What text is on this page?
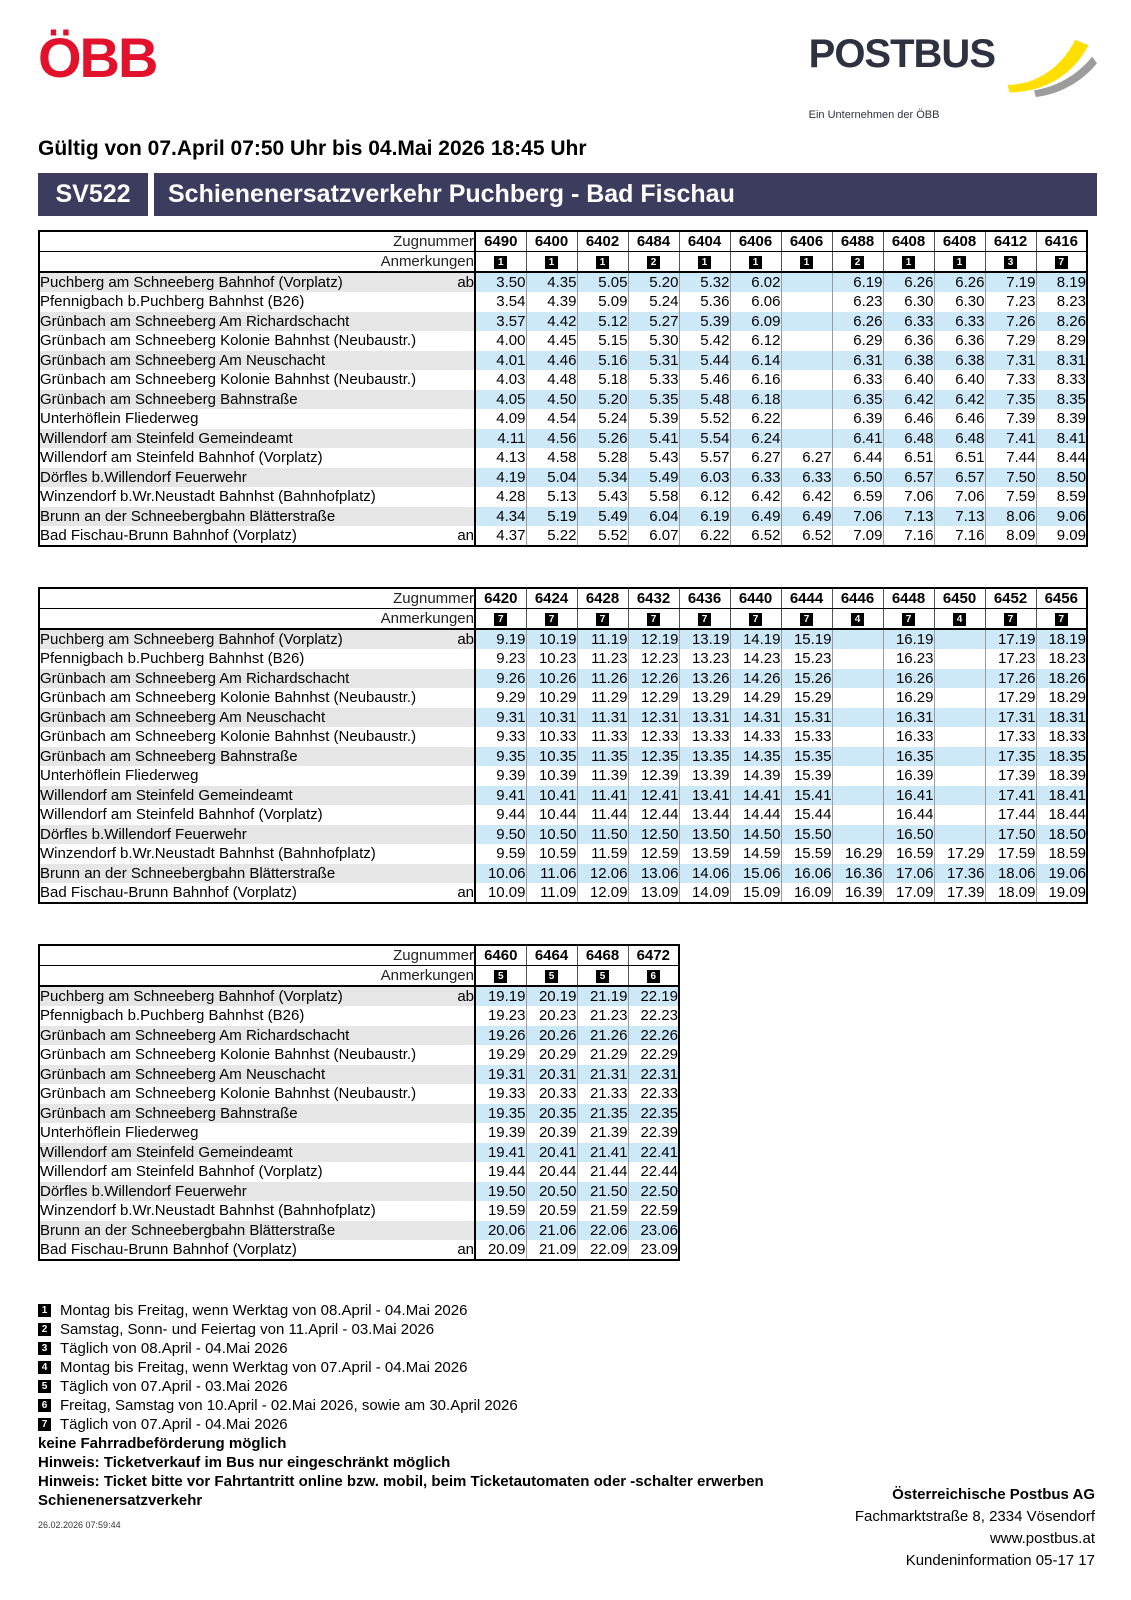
ÖBB	POSTBUS
Ein Unternehmen der ÖBB
Gültig von 07.April 07:50 Uhr bis 04.Mai 2026 18:45 Uhr
SV522	Schienenersatzverkehr Puchberg - Bad Fischau
Zugnummer		6490	6400	6402	6484	6404	6406	6406	6488	6408	6408	6412	6416
Anmerkungen		1	1	1	2	1	1	1	2	1	1	3	7
Puchberg am Schneeberg Bahnhof (Vorplatz)	ab	3.50	4.35	5.05	5.20	5.32	6.02		6.19	6.26	6.26	7.19	8.19
Pfennigbach b.Puchberg Bahnhst (B26)		3.54	4.39	5.09	5.24	5.36	6.06		6.23	6.30	6.30	7.23	8.23
Grünbach am Schneeberg Am Richardschacht		3.57	4.42	5.12	5.27	5.39	6.09		6.26	6.33	6.33	7.26	8.26
Grünbach am Schneeberg Kolonie Bahnhst (Neubaustr.)		4.00	4.45	5.15	5.30	5.42	6.12		6.29	6.36	6.36	7.29	8.29
Grünbach am Schneeberg Am Neuschacht		4.01	4.46	5.16	5.31	5.44	6.14		6.31	6.38	6.38	7.31	8.31
Grünbach am Schneeberg Kolonie Bahnhst (Neubaustr.)		4.03	4.48	5.18	5.33	5.46	6.16		6.33	6.40	6.40	7.33	8.33
Grünbach am Schneeberg Bahnstraße		4.05	4.50	5.20	5.35	5.48	6.18		6.35	6.42	6.42	7.35	8.35
Unterhöflein Fliederweg		4.09	4.54	5.24	5.39	5.52	6.22		6.39	6.46	6.46	7.39	8.39
Willendorf am Steinfeld Gemeindeamt		4.11	4.56	5.26	5.41	5.54	6.24		6.41	6.48	6.48	7.41	8.41
Willendorf am Steinfeld Bahnhof (Vorplatz)		4.13	4.58	5.28	5.43	5.57	6.27	6.27	6.44	6.51	6.51	7.44	8.44
Dörfles b.Willendorf Feuerwehr		4.19	5.04	5.34	5.49	6.03	6.33	6.33	6.50	6.57	6.57	7.50	8.50
Winzendorf b.Wr.Neustadt Bahnhst (Bahnhofplatz)		4.28	5.13	5.43	5.58	6.12	6.42	6.42	6.59	7.06	7.06	7.59	8.59
Brunn an der Schneebergbahn Blätterstraße		4.34	5.19	5.49	6.04	6.19	6.49	6.49	7.06	7.13	7.13	8.06	9.06
Bad Fischau-Brunn Bahnhof (Vorplatz)	an	4.37	5.22	5.52	6.07	6.22	6.52	6.52	7.09	7.16	7.16	8.09	9.09
Zugnummer		6420	6424	6428	6432	6436	6440	6444	6446	6448	6450	6452	6456
Anmerkungen		7	7	7	7	7	7	7	4	7	4	7	7
Puchberg am Schneeberg Bahnhof (Vorplatz)	ab	9.19	10.19	11.19	12.19	13.19	14.19	15.19		16.19		17.19	18.19
Pfennigbach b.Puchberg Bahnhst (B26)		9.23	10.23	11.23	12.23	13.23	14.23	15.23		16.23		17.23	18.23
Grünbach am Schneeberg Am Richardschacht		9.26	10.26	11.26	12.26	13.26	14.26	15.26		16.26		17.26	18.26
Grünbach am Schneeberg Kolonie Bahnhst (Neubaustr.)		9.29	10.29	11.29	12.29	13.29	14.29	15.29		16.29		17.29	18.29
Grünbach am Schneeberg Am Neuschacht		9.31	10.31	11.31	12.31	13.31	14.31	15.31		16.31		17.31	18.31
Grünbach am Schneeberg Kolonie Bahnhst (Neubaustr.)		9.33	10.33	11.33	12.33	13.33	14.33	15.33		16.33		17.33	18.33
Grünbach am Schneeberg Bahnstraße		9.35	10.35	11.35	12.35	13.35	14.35	15.35		16.35		17.35	18.35
Unterhöflein Fliederweg		9.39	10.39	11.39	12.39	13.39	14.39	15.39		16.39		17.39	18.39
Willendorf am Steinfeld Gemeindeamt		9.41	10.41	11.41	12.41	13.41	14.41	15.41		16.41		17.41	18.41
Willendorf am Steinfeld Bahnhof (Vorplatz)		9.44	10.44	11.44	12.44	13.44	14.44	15.44		16.44		17.44	18.44
Dörfles b.Willendorf Feuerwehr		9.50	10.50	11.50	12.50	13.50	14.50	15.50		16.50		17.50	18.50
Winzendorf b.Wr.Neustadt Bahnhst (Bahnhofplatz)		9.59	10.59	11.59	12.59	13.59	14.59	15.59	16.29	16.59	17.29	17.59	18.59
Brunn an der Schneebergbahn Blätterstraße		10.06	11.06	12.06	13.06	14.06	15.06	16.06	16.36	17.06	17.36	18.06	19.06
Bad Fischau-Brunn Bahnhof (Vorplatz)	an	10.09	11.09	12.09	13.09	14.09	15.09	16.09	16.39	17.09	17.39	18.09	19.09
Zugnummer		6460	6464	6468	6472
Anmerkungen		5	5	5	6
Puchberg am Schneeberg Bahnhof (Vorplatz)	ab	19.19	20.19	21.19	22.19
Pfennigbach b.Puchberg Bahnhst (B26)		19.23	20.23	21.23	22.23
Grünbach am Schneeberg Am Richardschacht		19.26	20.26	21.26	22.26
Grünbach am Schneeberg Kolonie Bahnhst (Neubaustr.)		19.29	20.29	21.29	22.29
Grünbach am Schneeberg Am Neuschacht		19.31	20.31	21.31	22.31
Grünbach am Schneeberg Kolonie Bahnhst (Neubaustr.)		19.33	20.33	21.33	22.33
Grünbach am Schneeberg Bahnstraße		19.35	20.35	21.35	22.35
Unterhöflein Fliederweg		19.39	20.39	21.39	22.39
Willendorf am Steinfeld Gemeindeamt		19.41	20.41	21.41	22.41
Willendorf am Steinfeld Bahnhof (Vorplatz)		19.44	20.44	21.44	22.44
Dörfles b.Willendorf Feuerwehr		19.50	20.50	21.50	22.50
Winzendorf b.Wr.Neustadt Bahnhst (Bahnhofplatz)		19.59	20.59	21.59	22.59
Brunn an der Schneebergbahn Blätterstraße		20.06	21.06	22.06	23.06
Bad Fischau-Brunn Bahnhof (Vorplatz)	an	20.09	21.09	22.09	23.09
1 Montag bis Freitag, wenn Werktag von 08.April - 04.Mai 2026
2 Samstag, Sonn- und Feiertag von 11.April - 03.Mai 2026
3 Täglich von 08.April - 04.Mai 2026
4 Montag bis Freitag, wenn Werktag von 07.April - 04.Mai 2026
5 Täglich von 07.April - 03.Mai 2026
6 Freitag, Samstag von 10.April - 02.Mai 2026, sowie am 30.April 2026
7 Täglich von 07.April - 04.Mai 2026
keine Fahrradbeförderung möglich
Hinweis: Ticketverkauf im Bus nur eingeschränkt möglich
Hinweis: Ticket bitte vor Fahrtantritt online bzw. mobil, beim Ticketautomaten oder -schalter erwerben
Schienenersatzverkehr	Österreichische Postbus AG
Fachmarktstraße 8, 2334 Vösendorf
www.postbus.at
Kundeninformation 05-17 17
26.02.2026 07:59:44
